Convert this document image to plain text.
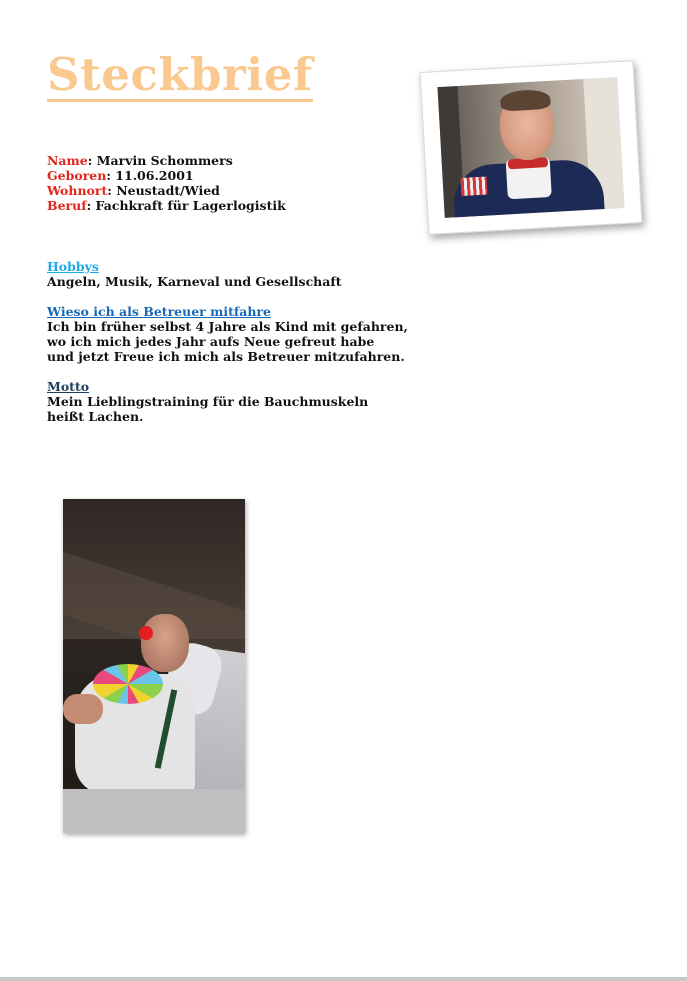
Steckbrief
Name: Marvin Schommers
Geboren: 11.06.2001
Wohnort: Neustadt/Wied
Beruf: Fachkraft für Lagerlogistik
Hobbys
Angeln, Musik, Karneval und Gesellschaft
Wieso ich als Betreuer mitfahre
Ich bin früher selbst 4 Jahre als Kind mit gefahren,
wo ich mich jedes Jahr aufs Neue gefreut habe
und jetzt Freue ich mich als Betreuer mitzufahren.
Motto
Mein Lieblingstraining für die Bauchmuskeln
heißt Lachen.
